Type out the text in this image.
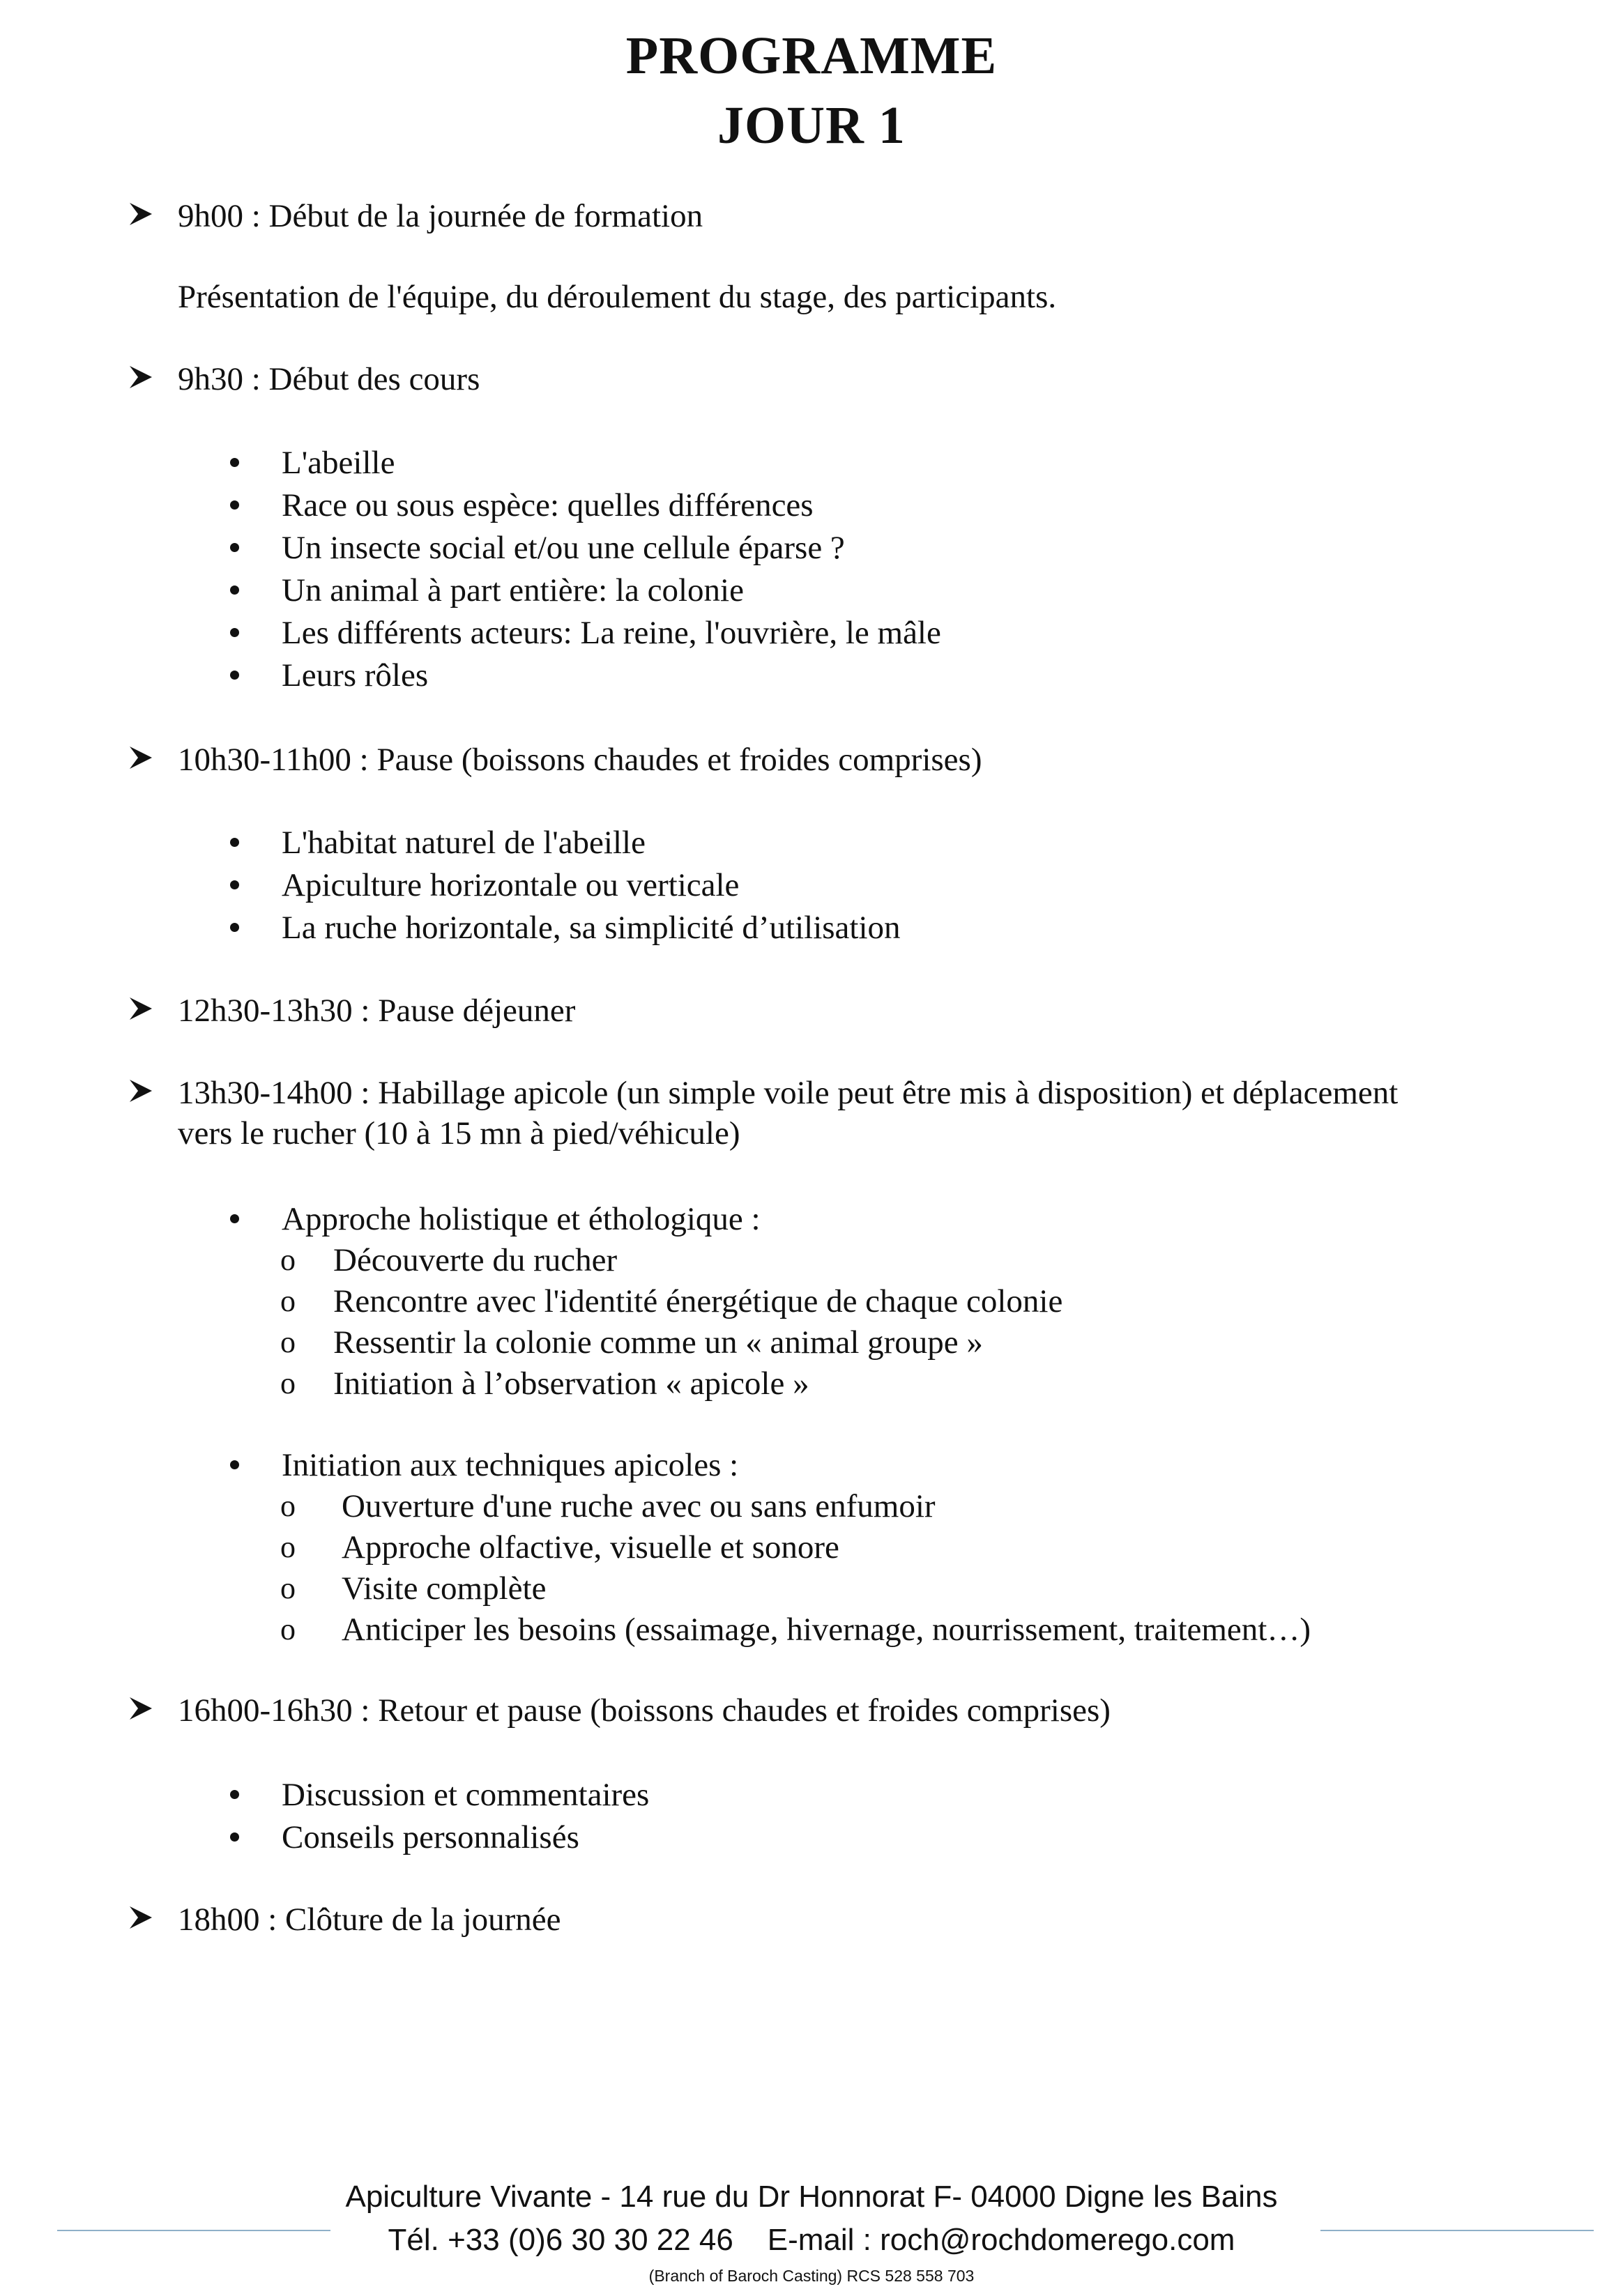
PROGRAMME
JOUR 1
9h00 : Début de la journée de formation
Présentation de l'équipe, du déroulement du stage, des participants.
9h30 : Début des cours
L'abeille
Race ou sous espèce: quelles différences
Un insecte social et/ou une cellule éparse ?
Un animal à part entière: la colonie
Les différents acteurs: La reine, l'ouvrière, le mâle
Leurs rôles
10h30-11h00 : Pause (boissons chaudes et froides comprises)
L'habitat naturel de l'abeille
Apiculture horizontale ou verticale
La ruche horizontale, sa simplicité d’utilisation
12h30-13h30 : Pause déjeuner
13h30-14h00 : Habillage apicole (un simple voile peut être mis à disposition) et déplacement
vers le rucher (10 à 15 mn à pied/véhicule)
Approche holistique et éthologique :
o Découverte du rucher
o Rencontre avec l'identité énergétique de chaque colonie
o Ressentir la colonie comme un « animal groupe »
o Initiation à l’observation « apicole »
Initiation aux techniques apicoles :
o Ouverture d'une ruche avec ou sans enfumoir
o Approche olfactive, visuelle et sonore
o Visite complète
o Anticiper les besoins (essaimage, hivernage, nourrissement, traitement…)
16h00-16h30 : Retour et pause (boissons chaudes et froides comprises)
Discussion et commentaires
Conseils personnalisés
18h00 : Clôture de la journée
Apiculture Vivante - 14 rue du Dr Honnorat F- 04000 Digne les Bains
Tél. +33 (0)6 30 30 22 46    E-mail : roch@rochdomerego.com
(Branch of Baroch Casting) RCS 528 558 703
